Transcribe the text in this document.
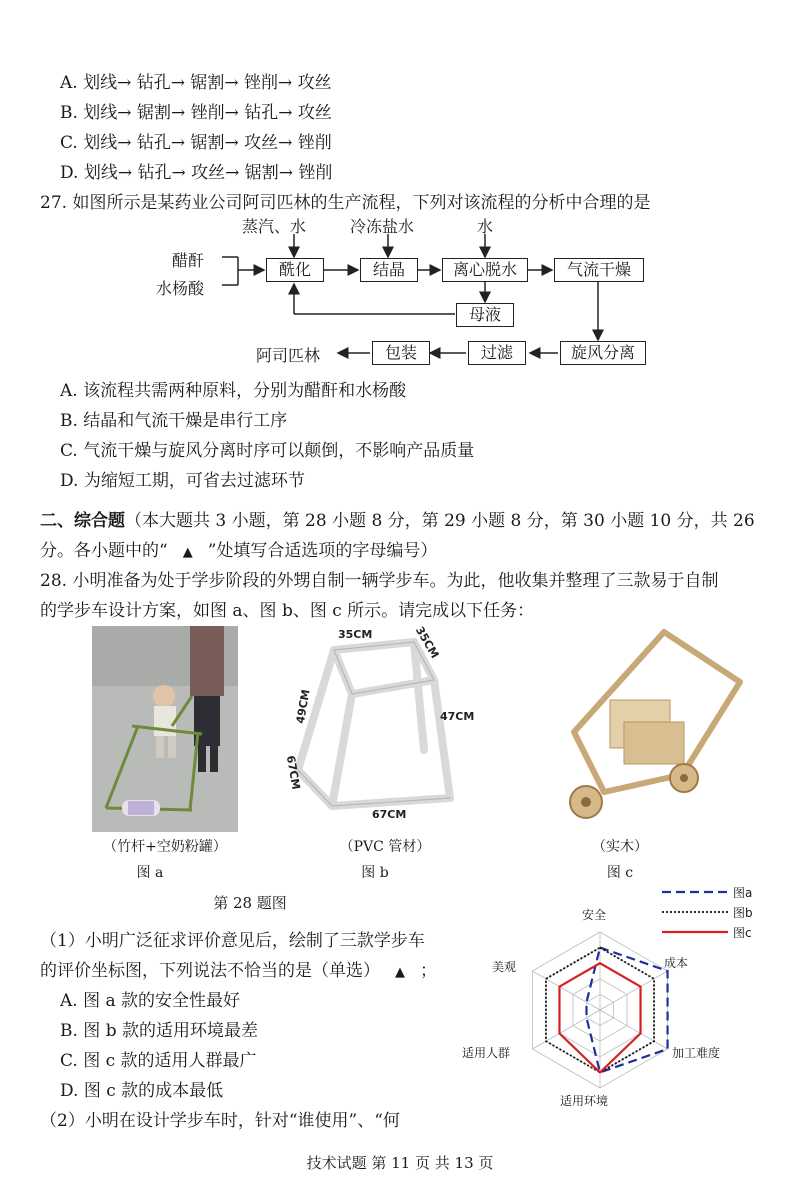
A. 划线→ 钻孔→ 锯割→ 锉削→ 攻丝
B. 划线→ 锯割→ 锉削→ 钻孔→ 攻丝
C. 划线→ 钻孔→ 锯割→ 攻丝→ 锉削
D. 划线→ 钻孔→ 攻丝→ 锯割→ 锉削
27. 如图所示是某药业公司阿司匹林的生产流程，下列对该流程的分析中合理的是
醋酐
水杨酸
蒸汽、水	冷冻盐水	水
酰化	结晶	离心脱水	气流干燥
母液
旋风分离
过滤
包装
阿司匹林
A. 该流程共需两种原料，分别为醋酐和水杨酸
B. 结晶和气流干燥是串行工序
C. 气流干燥与旋风分离时序可以颠倒，不影响产品质量
D. 为缩短工期，可省去过滤环节
二、综合题（本大题共 3 小题，第 28 小题 8 分，第 29 小题 8 分，第 30 小题 10 分，共 26
分。各小题中的“ ▲ ”处填写合适选项的字母编号）
28. 小明准备为处于学步阶段的外甥自制一辆学步车。为此，他收集并整理了三款易于自制
的学步车设计方案，如图 a、图 b、图 c 所示。请完成以下任务：
（竹杆+空奶粉罐）
图 a
35CM	35CM
49CM	47CM
67CM
67CM
（PVC 管材）
图 b
（实木）
图 c
第 28 题图
（1）小明广泛征求评价意见后，绘制了三款学步车
的评价坐标图，下列说法不恰当的是（单选） ▲ ；
A. 图 a 款的安全性最好
B. 图 b 款的适用环境最差
C. 图 c 款的适用人群最广
D. 图 c 款的成本最低
（2）小明在设计学步车时，针对“谁使用”、“何
安全
成本
加工难度
适用环境
适用人群
美观
图a
图b
图c
技术试题 第 11 页 共 13 页
